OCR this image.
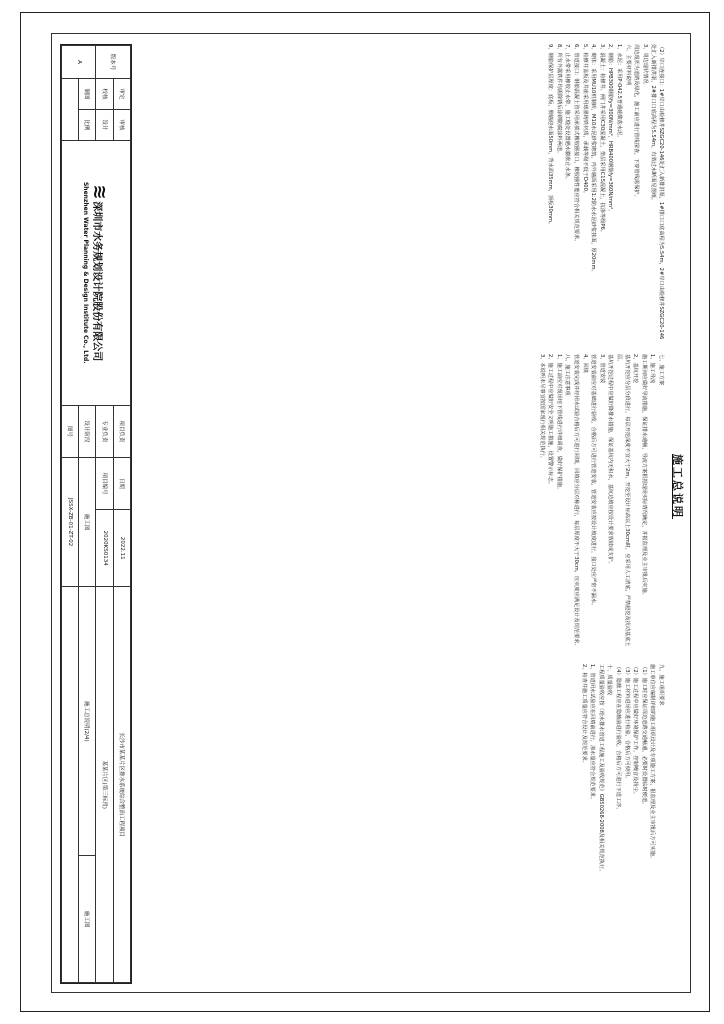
施工总说明

（2）岸口连接口：1#岸口由检修井SZGC20-146处汇入新排洪渠，1#排口口底高程为5.54m，2#岸口由检修井SZGC20-146处汇入新排洪渠，2#排口口底高程为5.54m，有效过水断面见图纸。

3、周边现状情况

周边现状为道路及绿化，施工前应进行管线探查，下穿管线需保护。

六、主要材料说明

1、水泥：采用P·O42.5普通硅酸盐水泥。

2、钢筋：HPB300钢筋fy=300N/mm²，HRB400钢筋fy=360N/mm²。

3、混凝土：检修井、闸门井采用C30混凝土，垫层采用C15混凝土，抗渗等级P6。

4、砌体：采用MU10机制砖，M10水泥砂浆砌筑，内外墙面采用1:2防水水泥砂浆抹面，厚20mm。

5、检修井盖板及井座采用球墨铸铁材质，承载等级不低于D400。

6、管道接口：钢筋混凝土管采用承插式橡胶圈接口，橡胶圈性能应符合相关规范要求。

7、止水带采用橡胶止水带，施工缝处设置遇水膨胀止水条。

8、所有外露铁件均需除锈后涂刷防腐涂料两道。

9、钢筋保护层厚度：底板、侧墙迎水面50mm，背水面35mm，顶板30mm。

七、施工方案

1、施工导流

施工期间应做好导流措施，保证排水通畅，导流方案根据现场实际情况确定，并报监理及业主审批后实施。

2、基坑开挖

基坑开挖应分层分段进行，每层开挖深度不宜大于2m，开挖至设计标高以上30cm时，应采用人工清底，严禁超挖及扰动基底土层。

基坑开挖过程中应做好降排水措施，保证基坑内无积水，基坑边坡应按设计要求放坡或支护。

3、管道安装

管道安装前应对基础进行验收，合格后方可进行管道安装，管道安装应按设计坡度进行，接口处应严密不漏水。

4、回填

管道安装完成并经闭水试验合格后方可进行回填，回填应分层对称进行，每层厚度不大于30cm，压实度应满足设计及规范要求。

八、施工注意事项

1、施工前应对现场地下管线进行详细调查，做好保护措施。

2、施工过程中应做好安全文明施工措施，设置警示标志。

3、本说明未尽事宜按国家现行相关规范执行。

九、施工组织要求

施工单位应编制详细的施工组织设计及专项施工方案，报监理及业主审批后方可实施。

（1）施工时应保证周边道路交通畅通，必要时设置临时便道。

（2）施工过程中应做好环境保护工作，控制噪音及扬尘。

（3）施工材料进场应进行检验，合格后方可使用。

（4）隐蔽工程应在隐蔽前进行验收，合格后方可进行下道工序。

十、质量验收

工程质量验收应按《给水排水管道工程施工及验收规范》GB50268-2008及相关规范执行。

1、管道闭水试验应在回填前进行，渗水量应符合规范要求。

2、检查井施工质量应符合设计及规范要求。

版本号	审定	审核	≋ 深圳市水务规划设计院股份有限公司
Shenzhen Water Planning & Design Institute Co., Ltd.	项目负责	日期	2022.11	长沙市某某片区排水系统综合整治工程项目	
	校核	设计		专业负责	项目编号	2020KS0134	某某片区(第三标段)	
A	制图	比例		设计阶段	施工图		施工总说明(2/4)	施工图
				图号	JSSX-ZB-01-ZT-02			
